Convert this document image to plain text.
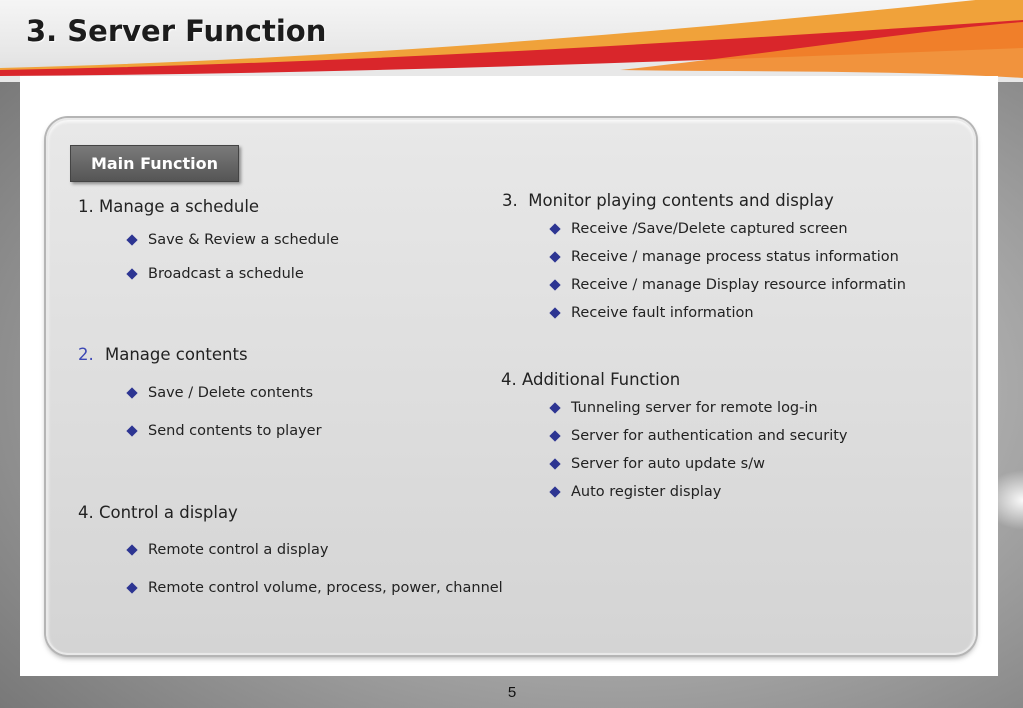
3. Server Function
Main Function

1. Manage a schedule

Save & Review a schedule
Broadcast a schedule

2. Manage contents

Save / Delete contents
Send contents to player

4. Control a display

Remote control a display
Remote control volume, process, power, channel

3.  Monitor playing contents and display

Receive /Save/Delete captured screen
Receive / manage process status information
Receive / manage Display resource informatin
Receive fault information

4. Additional Function

Tunneling server for remote log-in
Server for authentication and security
Server for auto update s/w
Auto register display
5
